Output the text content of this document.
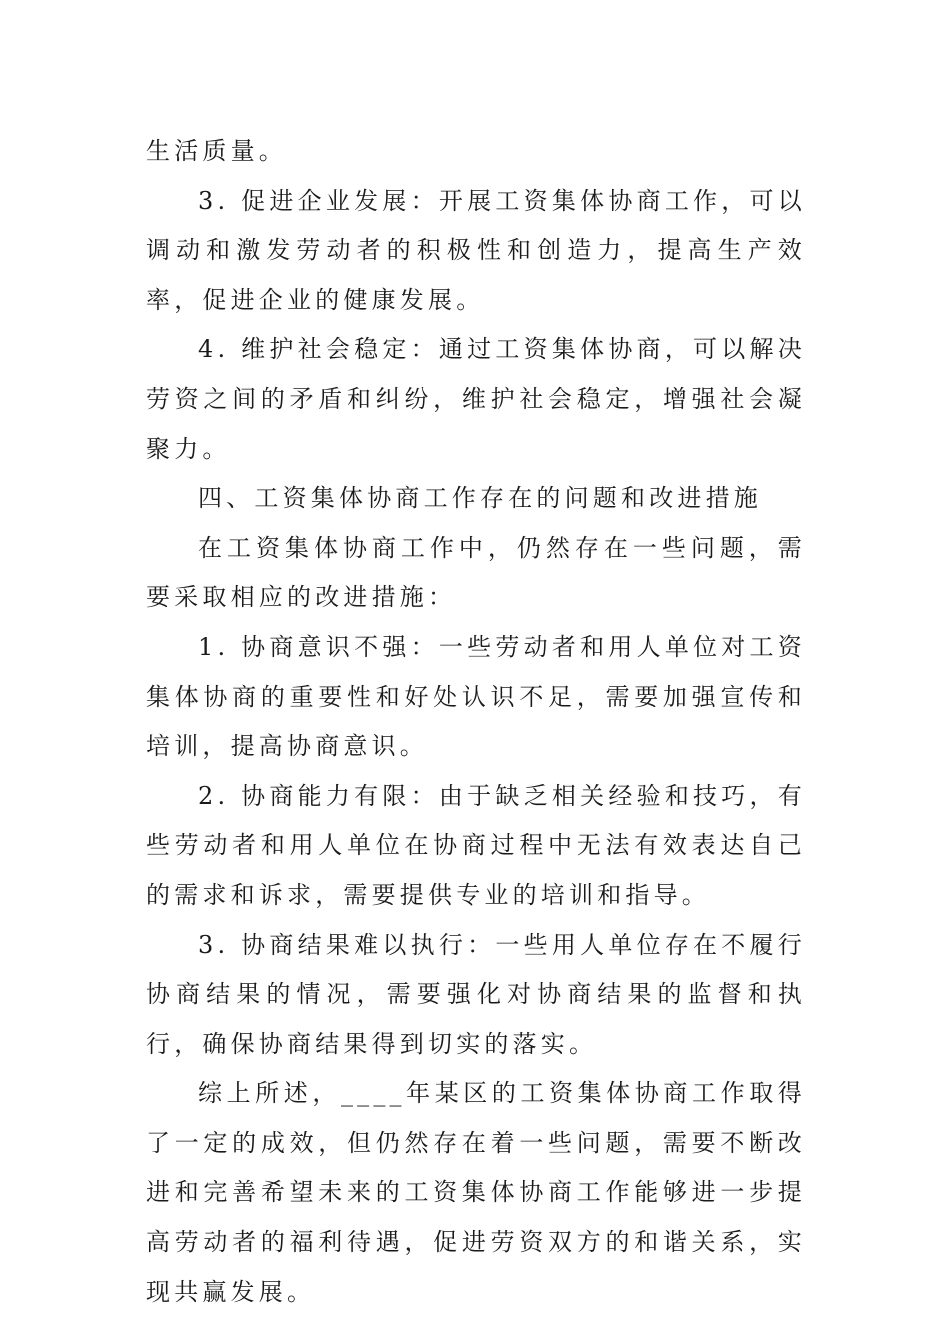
生活质量。

3. 促进企业发展：开展工资集体协商工作，可以调动和激发劳动者的积极性和创造力，提高生产效率，促进企业的健康发展。

4. 维护社会稳定：通过工资集体协商，可以解决劳资之间的矛盾和纠纷，维护社会稳定，增强社会凝聚力。

四、工资集体协商工作存在的问题和改进措施

在工资集体协商工作中，仍然存在一些问题，需要采取相应的改进措施：

1. 协商意识不强：一些劳动者和用人单位对工资集体协商的重要性和好处认识不足，需要加强宣传和培训，提高协商意识。

2. 协商能力有限：由于缺乏相关经验和技巧，有些劳动者和用人单位在协商过程中无法有效表达自己的需求和诉求，需要提供专业的培训和指导。

3. 协商结果难以执行：一些用人单位存在不履行协商结果的情况，需要强化对协商结果的监督和执行，确保协商结果得到切实的落实。

综上所述，____年某区的工资集体协商工作取得了一定的成效，但仍然存在着一些问题，需要不断改进和完善希望未来的工资集体协商工作能够进一步提高劳动者的福利待遇，促进劳资双方的和谐关系，实现共赢发展。
